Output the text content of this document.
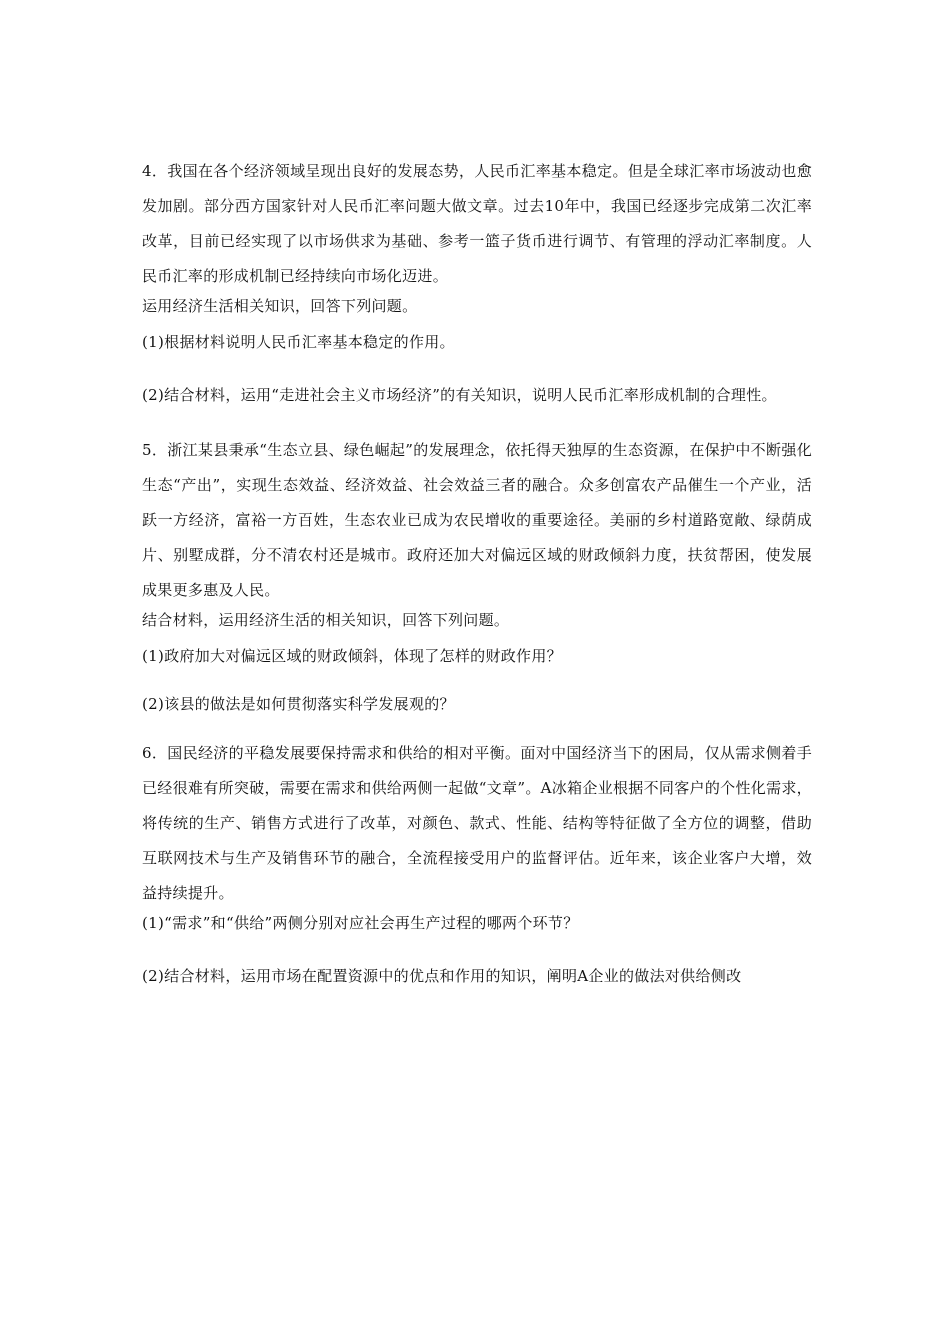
4．我国在各个经济领域呈现出良好的发展态势，人民币汇率基本稳定。但是全球汇率市场波动也愈发加剧。部分西方国家针对人民币汇率问题大做文章。过去10年中，我国已经逐步完成第二次汇率改革，目前已经实现了以市场供求为基础、参考一篮子货币进行调节、有管理的浮动汇率制度。人民币汇率的形成机制已经持续向市场化迈进。

运用经济生活相关知识，回答下列问题。

(1)根据材料说明人民币汇率基本稳定的作用。

(2)结合材料，运用“走进社会主义市场经济”的有关知识，说明人民币汇率形成机制的合理性。

5．浙江某县秉承“生态立县、绿色崛起”的发展理念，依托得天独厚的生态资源，在保护中不断强化生态“产出”，实现生态效益、经济效益、社会效益三者的融合。众多创富农产品催生一个产业，活跃一方经济，富裕一方百姓，生态农业已成为农民增收的重要途径。美丽的乡村道路宽敞、绿荫成片、别墅成群，分不清农村还是城市。政府还加大对偏远区域的财政倾斜力度，扶贫帮困，使发展成果更多惠及人民。

结合材料，运用经济生活的相关知识，回答下列问题。

(1)政府加大对偏远区域的财政倾斜，体现了怎样的财政作用？

(2)该县的做法是如何贯彻落实科学发展观的？

6．国民经济的平稳发展要保持需求和供给的相对平衡。面对中国经济当下的困局，仅从需求侧着手已经很难有所突破，需要在需求和供给两侧一起做“文章”。A冰箱企业根据不同客户的个性化需求，将传统的生产、销售方式进行了改革，对颜色、款式、性能、结构等特征做了全方位的调整，借助互联网技术与生产及销售环节的融合，全流程接受用户的监督评估。近年来，该企业客户大增，效益持续提升。

(1)“需求”和“供给”两侧分别对应社会再生产过程的哪两个环节？

(2)结合材料，运用市场在配置资源中的优点和作用的知识，阐明A企业的做法对供给侧改
